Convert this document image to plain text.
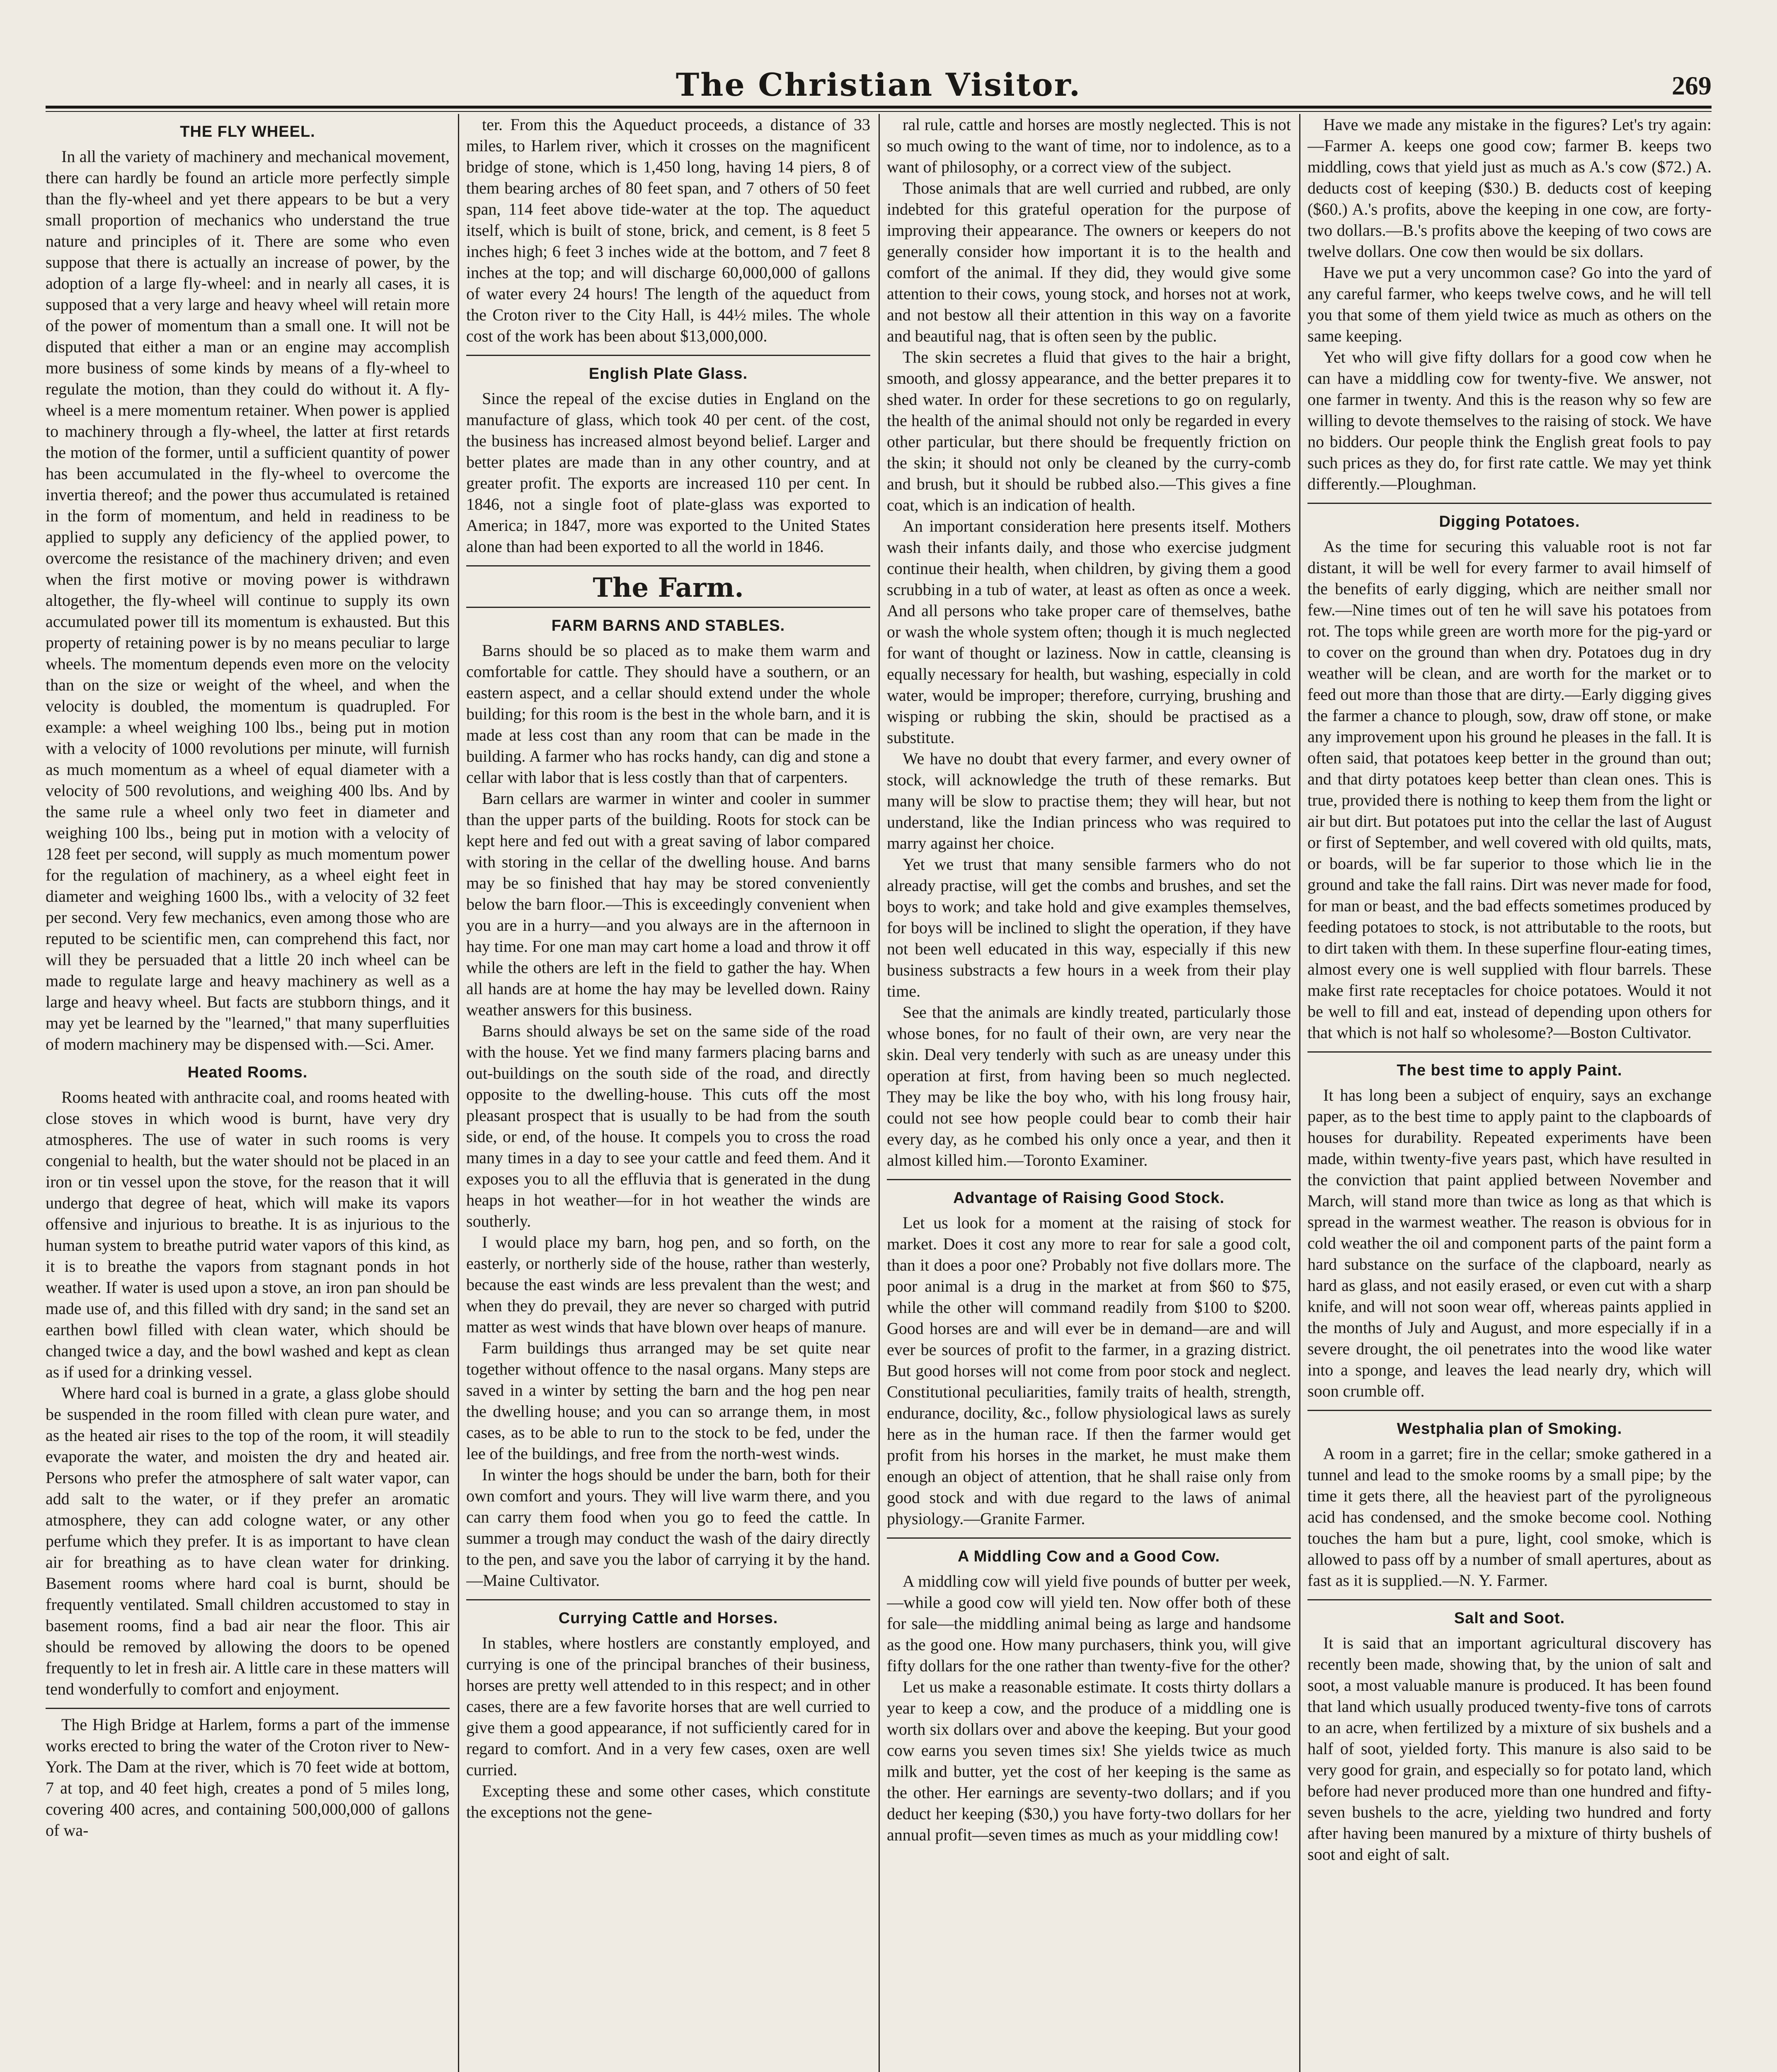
The Christian Visitor.	269
THE FLY WHEEL.

In all the variety of machinery and mechanical movement, there can hardly be found an article more perfectly simple than the fly-wheel and yet there appears to be but a very small proportion of mechanics who understand the true nature and principles of it. There are some who even suppose that there is actually an increase of power, by the adoption of a large fly-wheel: and in nearly all cases, it is supposed that a very large and heavy wheel will retain more of the power of momentum than a small one. It will not be disputed that either a man or an engine may accomplish more business of some kinds by means of a fly-wheel to regulate the motion, than they could do without it. A fly-wheel is a mere momentum retainer. When power is applied to machinery through a fly-wheel, the latter at first retards the motion of the former, until a sufficient quantity of power has been accumulated in the fly-wheel to overcome the invertia thereof; and the power thus accumulated is retained in the form of momentum, and held in readiness to be applied to supply any deficiency of the applied power, to overcome the resistance of the machinery driven; and even when the first motive or moving power is withdrawn altogether, the fly-wheel will continue to supply its own accumulated power till its momentum is exhausted. But this property of retaining power is by no means peculiar to large wheels. The momentum depends even more on the velocity than on the size or weight of the wheel, and when the velocity is doubled, the momentum is quadrupled. For example: a wheel weighing 100 lbs., being put in motion with a velocity of 1000 revolutions per minute, will furnish as much momentum as a wheel of equal diameter with a velocity of 500 revolutions, and weighing 400 lbs. And by the same rule a wheel only two feet in diameter and weighing 100 lbs., being put in motion with a velocity of 128 feet per second, will supply as much momentum power for the regulation of machinery, as a wheel eight feet in diameter and weighing 1600 lbs., with a velocity of 32 feet per second. Very few mechanics, even among those who are reputed to be scientific men, can comprehend this fact, nor will they be persuaded that a little 20 inch wheel can be made to regulate large and heavy machinery as well as a large and heavy wheel. But facts are stubborn things, and it may yet be learned by the "learned," that many superfluities of modern machinery may be dispensed with.—Sci. Amer.

Heated Rooms.

Rooms heated with anthracite coal, and rooms heated with close stoves in which wood is burnt, have very dry atmospheres. The use of water in such rooms is very congenial to health, but the water should not be placed in an iron or tin vessel upon the stove, for the reason that it will undergo that degree of heat, which will make its vapors offensive and injurious to breathe. It is as injurious to the human system to breathe putrid water vapors of this kind, as it is to breathe the vapors from stagnant ponds in hot weather. If water is used upon a stove, an iron pan should be made use of, and this filled with dry sand; in the sand set an earthen bowl filled with clean water, which should be changed twice a day, and the bowl washed and kept as clean as if used for a drinking vessel.

Where hard coal is burned in a grate, a glass globe should be suspended in the room filled with clean pure water, and as the heated air rises to the top of the room, it will steadily evaporate the water, and moisten the dry and heated air. Persons who prefer the atmosphere of salt water vapor, can add salt to the water, or if they prefer an aromatic atmosphere, they can add cologne water, or any other perfume which they prefer. It is as important to have clean air for breathing as to have clean water for drinking. Basement rooms where hard coal is burnt, should be frequently ventilated. Small children accustomed to stay in basement rooms, find a bad air near the floor. This air should be removed by allowing the doors to be opened frequently to let in fresh air. A little care in these matters will tend wonderfully to comfort and enjoyment.

The High Bridge at Harlem, forms a part of the immense works erected to bring the water of the Croton river to New-York. The Dam at the river, which is 70 feet wide at bottom, 7 at top, and 40 feet high, creates a pond of 5 miles long, covering 400 acres, and containing 500,000,000 of gallons of wa-

ter. From this the Aqueduct proceeds, a distance of 33 miles, to Harlem river, which it crosses on the magnificent bridge of stone, which is 1,450 long, having 14 piers, 8 of them bearing arches of 80 feet span, and 7 others of 50 feet span, 114 feet above tide-water at the top. The aqueduct itself, which is built of stone, brick, and cement, is 8 feet 5 inches high; 6 feet 3 inches wide at the bottom, and 7 feet 8 inches at the top; and will discharge 60,000,000 of gallons of water every 24 hours! The length of the aqueduct from the Croton river to the City Hall, is 44½ miles. The whole cost of the work has been about $13,000,000.

English Plate Glass.

Since the repeal of the excise duties in England on the manufacture of glass, which took 40 per cent. of the cost, the business has increased almost beyond belief. Larger and better plates are made than in any other country, and at greater profit. The exports are increased 110 per cent. In 1846, not a single foot of plate-glass was exported to America; in 1847, more was exported to the United States alone than had been exported to all the world in 1846.

The Farm.
FARM BARNS AND STABLES.

Barns should be so placed as to make them warm and comfortable for cattle. They should have a southern, or an eastern aspect, and a cellar should extend under the whole building; for this room is the best in the whole barn, and it is made at less cost than any room that can be made in the building. A farmer who has rocks handy, can dig and stone a cellar with labor that is less costly than that of carpenters.

Barn cellars are warmer in winter and cooler in summer than the upper parts of the building. Roots for stock can be kept here and fed out with a great saving of labor compared with storing in the cellar of the dwelling house. And barns may be so finished that hay may be stored conveniently below the barn floor.—This is exceedingly convenient when you are in a hurry—and you always are in the afternoon in hay time. For one man may cart home a load and throw it off while the others are left in the field to gather the hay. When all hands are at home the hay may be levelled down. Rainy weather answers for this business.

Barns should always be set on the same side of the road with the house. Yet we find many farmers placing barns and out-buildings on the south side of the road, and directly opposite to the dwelling-house. This cuts off the most pleasant prospect that is usually to be had from the south side, or end, of the house. It compels you to cross the road many times in a day to see your cattle and feed them. And it exposes you to all the effluvia that is generated in the dung heaps in hot weather—for in hot weather the winds are southerly.

I would place my barn, hog pen, and so forth, on the easterly, or northerly side of the house, rather than westerly, because the east winds are less prevalent than the west; and when they do prevail, they are never so charged with putrid matter as west winds that have blown over heaps of manure.

Farm buildings thus arranged may be set quite near together without offence to the nasal organs. Many steps are saved in a winter by setting the barn and the hog pen near the dwelling house; and you can so arrange them, in most cases, as to be able to run to the stock to be fed, under the lee of the buildings, and free from the north-west winds.

In winter the hogs should be under the barn, both for their own comfort and yours. They will live warm there, and you can carry them food when you go to feed the cattle. In summer a trough may conduct the wash of the dairy directly to the pen, and save you the labor of carrying it by the hand.—Maine Cultivator.

Currying Cattle and Horses.

In stables, where hostlers are constantly employed, and currying is one of the principal branches of their business, horses are pretty well attended to in this respect; and in other cases, there are a few favorite horses that are well curried to give them a good appearance, if not sufficiently cared for in regard to comfort. And in a very few cases, oxen are well curried.

Excepting these and some other cases, which constitute the exceptions not the gene-

ral rule, cattle and horses are mostly neglected. This is not so much owing to the want of time, nor to indolence, as to a want of philosophy, or a correct view of the subject.

Those animals that are well curried and rubbed, are only indebted for this grateful operation for the purpose of improving their appearance. The owners or keepers do not generally consider how important it is to the health and comfort of the animal. If they did, they would give some attention to their cows, young stock, and horses not at work, and not bestow all their attention in this way on a favorite and beautiful nag, that is often seen by the public.

The skin secretes a fluid that gives to the hair a bright, smooth, and glossy appearance, and the better prepares it to shed water. In order for these secretions to go on regularly, the health of the animal should not only be regarded in every other particular, but there should be frequently friction on the skin; it should not only be cleaned by the curry-comb and brush, but it should be rubbed also.—This gives a fine coat, which is an indication of health.

An important consideration here presents itself. Mothers wash their infants daily, and those who exercise judgment continue their health, when children, by giving them a good scrubbing in a tub of water, at least as often as once a week. And all persons who take proper care of themselves, bathe or wash the whole system often; though it is much neglected for want of thought or laziness. Now in cattle, cleansing is equally necessary for health, but washing, especially in cold water, would be improper; therefore, currying, brushing and wisping or rubbing the skin, should be practised as a substitute.

We have no doubt that every farmer, and every owner of stock, will acknowledge the truth of these remarks. But many will be slow to practise them; they will hear, but not understand, like the Indian princess who was required to marry against her choice.

Yet we trust that many sensible farmers who do not already practise, will get the combs and brushes, and set the boys to work; and take hold and give examples themselves, for boys will be inclined to slight the operation, if they have not been well educated in this way, especially if this new business substracts a few hours in a week from their play time.

See that the animals are kindly treated, particularly those whose bones, for no fault of their own, are very near the skin. Deal very tenderly with such as are uneasy under this operation at first, from having been so much neglected. They may be like the boy who, with his long frousy hair, could not see how people could bear to comb their hair every day, as he combed his only once a year, and then it almost killed him.—Toronto Examiner.

Advantage of Raising Good Stock.

Let us look for a moment at the raising of stock for market. Does it cost any more to rear for sale a good colt, than it does a poor one? Probably not five dollars more. The poor animal is a drug in the market at from $60 to $75, while the other will command readily from $100 to $200. Good horses are and will ever be in demand—are and will ever be sources of profit to the farmer, in a grazing district. But good horses will not come from poor stock and neglect. Constitutional peculiarities, family traits of health, strength, endurance, docility, &c., follow physiological laws as surely here as in the human race. If then the farmer would get profit from his horses in the market, he must make them enough an object of attention, that he shall raise only from good stock and with due regard to the laws of animal physiology.—Granite Farmer.

A Middling Cow and a Good Cow.

A middling cow will yield five pounds of butter per week,—while a good cow will yield ten. Now offer both of these for sale—the middling animal being as large and handsome as the good one. How many purchasers, think you, will give fifty dollars for the one rather than twenty-five for the other?

Let us make a reasonable estimate. It costs thirty dollars a year to keep a cow, and the produce of a middling one is worth six dollars over and above the keeping. But your good cow earns you seven times six! She yields twice as much milk and butter, yet the cost of her keeping is the same as the other. Her earnings are seventy-two dollars; and if you deduct her keeping ($30,) you have forty-two dollars for her annual profit—seven times as much as your middling cow!

Have we made any mistake in the figures? Let's try again:—Farmer A. keeps one good cow; farmer B. keeps two middling, cows that yield just as much as A.'s cow ($72.) A. deducts cost of keeping ($30.) B. deducts cost of keeping ($60.) A.'s profits, above the keeping in one cow, are forty-two dollars.—B.'s profits above the keeping of two cows are twelve dollars. One cow then would be six dollars.

Have we put a very uncommon case? Go into the yard of any careful farmer, who keeps twelve cows, and he will tell you that some of them yield twice as much as others on the same keeping.

Yet who will give fifty dollars for a good cow when he can have a middling cow for twenty-five. We answer, not one farmer in twenty. And this is the reason why so few are willing to devote themselves to the raising of stock. We have no bidders. Our people think the English great fools to pay such prices as they do, for first rate cattle. We may yet think differently.—Ploughman.

Digging Potatoes.

As the time for securing this valuable root is not far distant, it will be well for every farmer to avail himself of the benefits of early digging, which are neither small nor few.—Nine times out of ten he will save his potatoes from rot. The tops while green are worth more for the pig-yard or to cover on the ground than when dry. Potatoes dug in dry weather will be clean, and are worth for the market or to feed out more than those that are dirty.—Early digging gives the farmer a chance to plough, sow, draw off stone, or make any improvement upon his ground he pleases in the fall. It is often said, that potatoes keep better in the ground than out; and that dirty potatoes keep better than clean ones. This is true, provided there is nothing to keep them from the light or air but dirt. But potatoes put into the cellar the last of August or first of September, and well covered with old quilts, mats, or boards, will be far superior to those which lie in the ground and take the fall rains. Dirt was never made for food, for man or beast, and the bad effects sometimes produced by feeding potatoes to stock, is not attributable to the roots, but to dirt taken with them. In these superfine flour-eating times, almost every one is well supplied with flour barrels. These make first rate receptacles for choice potatoes. Would it not be well to fill and eat, instead of depending upon others for that which is not half so wholesome?—Boston Cultivator.

The best time to apply Paint.

It has long been a subject of enquiry, says an exchange paper, as to the best time to apply paint to the clapboards of houses for durability. Repeated experiments have been made, within twenty-five years past, which have resulted in the conviction that paint applied between November and March, will stand more than twice as long as that which is spread in the warmest weather. The reason is obvious for in cold weather the oil and component parts of the paint form a hard substance on the surface of the clapboard, nearly as hard as glass, and not easily erased, or even cut with a sharp knife, and will not soon wear off, whereas paints applied in the months of July and August, and more especially if in a severe drought, the oil penetrates into the wood like water into a sponge, and leaves the lead nearly dry, which will soon crumble off.

Westphalia plan of Smoking.

A room in a garret; fire in the cellar; smoke gathered in a tunnel and lead to the smoke rooms by a small pipe; by the time it gets there, all the heaviest part of the pyroligneous acid has condensed, and the smoke become cool. Nothing touches the ham but a pure, light, cool smoke, which is allowed to pass off by a number of small apertures, about as fast as it is supplied.—N. Y. Farmer.

Salt and Soot.

It is said that an important agricultural discovery has recently been made, showing that, by the union of salt and soot, a most valuable manure is produced. It has been found that land which usually produced twenty-five tons of carrots to an acre, when fertilized by a mixture of six bushels and a half of soot, yielded forty. This manure is also said to be very good for grain, and especially so for potato land, which before had never produced more than one hundred and fifty-seven bushels to the acre, yielding two hundred and forty after having been manured by a mixture of thirty bushels of soot and eight of salt.
